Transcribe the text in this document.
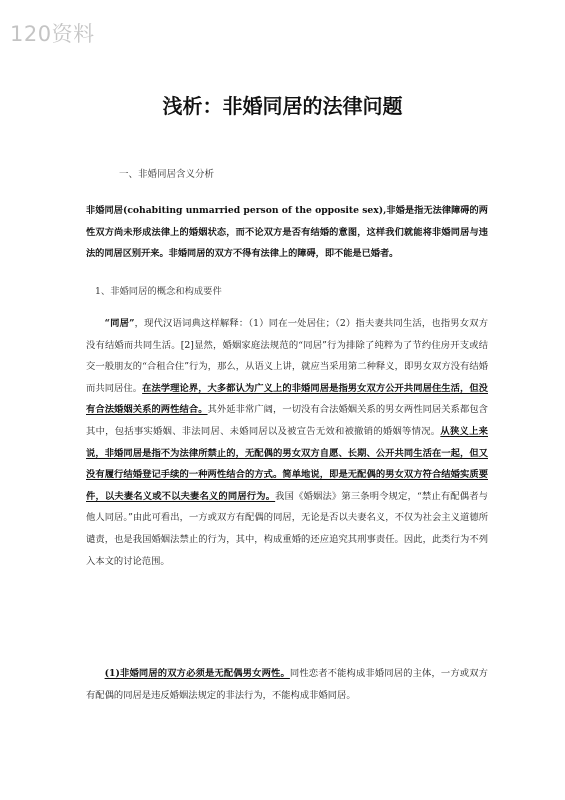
120资料
浅析：非婚同居的法律问题
一、非婚同居含义分析
非婚同居(cohabiting unmarried person of the opposite sex),非婚是指无法律障碍的两性双方尚未形成法律上的婚姻状态，而不论双方是否有结婚的意图，这样我们就能将非婚同居与违法的同居区别开来。非婚同居的双方不得有法律上的障碍，即不能是已婚者。
1、非婚同居的概念和构成要件
“同居”，现代汉语词典这样解释：（1）同在一处居住；（2）指夫妻共同生活，也指男女双方没有结婚而共同生活。[2]显然，婚姻家庭法规范的“同居”行为排除了纯粹为了节约住房开支或结交一般朋友的“合租合住”行为，那么，从语义上讲，就应当采用第二种释义，即男女双方没有结婚而共同居住。在法学理论界，大多都认为广义上的非婚同居是指男女双方公开共同居住生活，但没有合法婚姻关系的两性结合。其外延非常广阔，一切没有合法婚姻关系的男女两性同居关系都包含其中，包括事实婚姻、非法同居、未婚同居以及被宣告无效和被撤销的婚姻等情况。从狭义上来说，非婚同居是指不为法律所禁止的，无配偶的男女双方自愿、长期、公开共同生活在一起，但又没有履行结婚登记手续的一种两性结合的方式。简单地说，即是无配偶的男女双方符合结婚实质要件，以夫妻名义或不以夫妻名义的同居行为。我国《婚姻法》第三条明令规定，“禁止有配偶者与他人同居。”由此可看出，一方或双方有配偶的同居，无论是否以夫妻名义，不仅为社会主义道德所谴责，也是我国婚姻法禁止的行为，其中，构成重婚的还应追究其刑事责任。因此，此类行为不列入本文的讨论范围。
(1)非婚同居的双方必须是无配偶男女两性。同性恋者不能构成非婚同居的主体，一方或双方有配偶的同居是违反婚姻法规定的非法行为，不能构成非婚同居。
